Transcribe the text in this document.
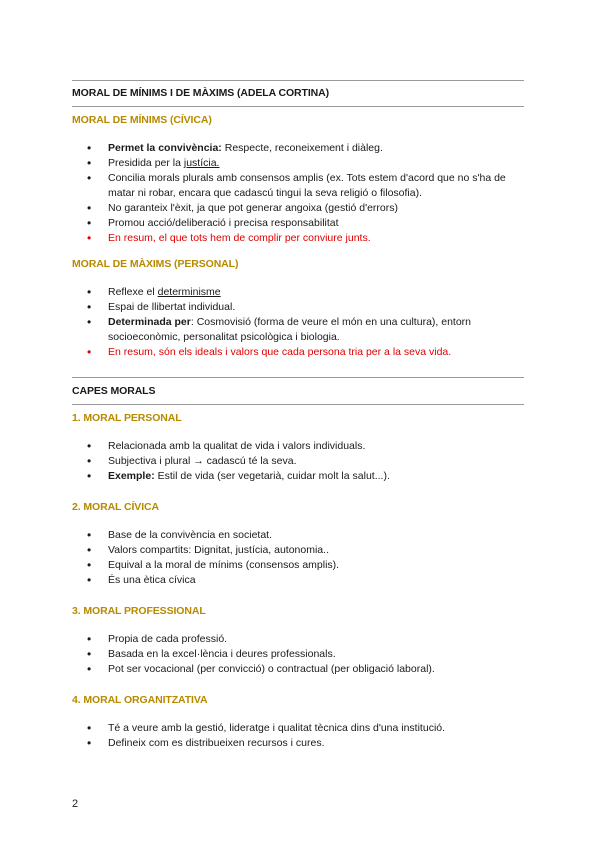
MORAL DE MÍNIMS I DE MÀXIMS (ADELA CORTINA)
MORAL DE MÍNIMS (CÍVICA)
• Permet la convivència: Respecte, reconeixement i diàleg.
• Presidida per la justícia.
• Concilia morals plurals amb consensos amplis (ex. Tots estem d'acord que no s'ha de matar ni robar, encara que cadascú tingui la seva religió o filosofia).
• No garanteix l'èxit, ja que pot generar angoixa (gestió d'errors)
• Promou acció/deliberació i precisa responsabilitat
• En resum, el que tots hem de complir per conviure junts.
MORAL DE MÀXIMS (PERSONAL)
• Reflexe el determinisme
• Espai de llibertat individual.
• Determinada per: Cosmovisió (forma de veure el món en una cultura), entorn socioeconòmic, personalitat psicològica i biologia.
• En resum, són els ideals i valors que cada persona tria per a la seva vida.
CAPES MORALS
1. MORAL PERSONAL
• Relacionada amb la qualitat de vida i valors individuals.
• Subjectiva i plural → cadascú té la seva.
• Exemple: Estil de vida (ser vegetarià, cuidar molt la salut...).
2. MORAL CÍVICA
• Base de la convivència en societat.
• Valors compartits: Dignitat, justícia, autonomia..
• Equival a la moral de mínims (consensos amplis).
• És una ètica cívica
3. MORAL PROFESSIONAL
• Propia de cada professió.
• Basada en la excel·lència i deures professionals.
• Pot ser vocacional (per convicció) o contractual (per obligació laboral).
4. MORAL ORGANITZATIVA
• Té a veure amb la gestió, lideratge i qualitat tècnica dins d'una institució.
• Defineix com es distribueixen recursos i cures.
2
